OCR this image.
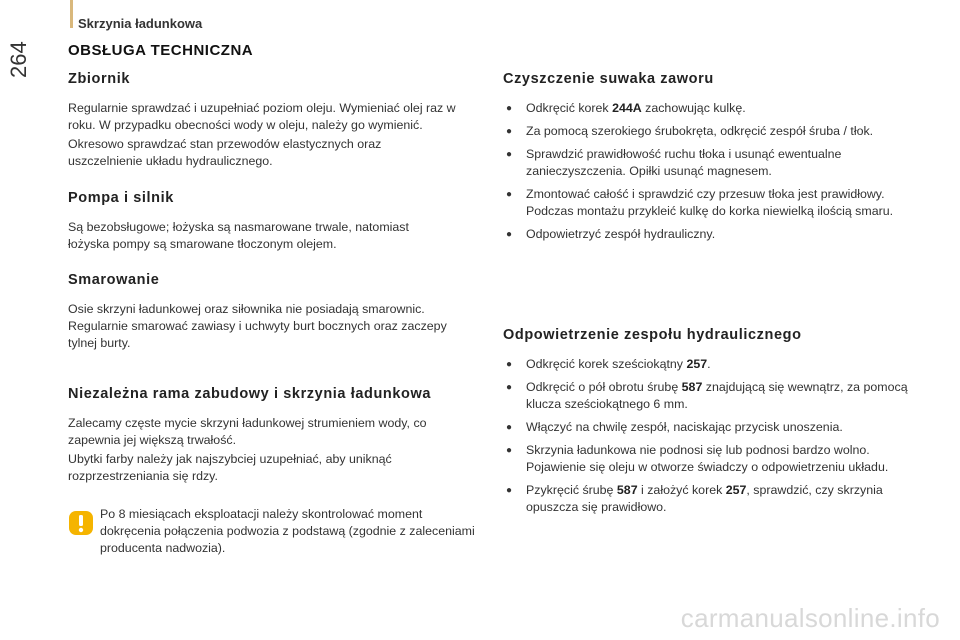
Skrzynia ładunkowa
264 OBSŁUGA TECHNICZNA
Zbiornik

Regularnie sprawdzać i uzupełniać poziom oleju. Wymieniać olej raz w roku. W przypadku obecności wody w oleju, należy go wymienić.

Okresowo sprawdzać stan przewodów elastycznych oraz uszczelnienie układu hydraulicznego.

Pompa i silnik

Są bezobsługowe; łożyska są nasmarowane trwale, natomiast łożyska pompy są smarowane tłoczonym olejem.

Smarowanie

Osie skrzyni ładunkowej oraz siłownika nie posiadają smarownic. Regularnie smarować zawiasy i uchwyty burt bocznych oraz zaczepy tylnej burty.

Niezależna rama zabudowy i skrzynia ładunkowa

Zalecamy częste mycie skrzyni ładunkowej strumieniem wody, co zapewnia jej większą trwałość.

Ubytki farby należy jak najszybciej uzupełniać, aby uniknąć rozprzestrzeniania się rdzy.

Po 8 miesiącach eksploatacji należy skontrolować moment dokręcenia połączenia podwozia z podstawą (zgodnie z zaleceniami producenta nadwozia).
Czyszczenie suwaka zaworu
● Odkręcić korek 244A zachowując kulkę.
● Za pomocą szerokiego śrubokręta, odkręcić zespół śruba / tłok.
● Sprawdzić prawidłowość ruchu tłoka i usunąć ewentualne zanieczyszczenia. Opiłki usunąć magnesem.
● Zmontować całość i sprawdzić czy przesuw tłoka jest prawidłowy. Podczas montażu przykleić kulkę do korka niewielką ilością smaru.
● Odpowietrzyć zespół hydrauliczny.
Odpowietrzenie zespołu hydraulicznego
● Odkręcić korek sześciokątny 257.
● Odkręcić o pół obrotu śrubę 587 znajdującą się wewnątrz, za pomocą klucza sześciokątnego 6 mm.
● Włączyć na chwilę zespół, naciskając przycisk unoszenia.
● Skrzynia ładunkowa nie podnosi się lub podnosi bardzo wolno. Pojawienie się oleju w otworze świadczy o odpowietrzeniu układu.
● Pzykręcić śrubę 587 i założyć korek 257, sprawdzić, czy skrzynia opuszcza się prawidłowo.
carmanualsonline.info
